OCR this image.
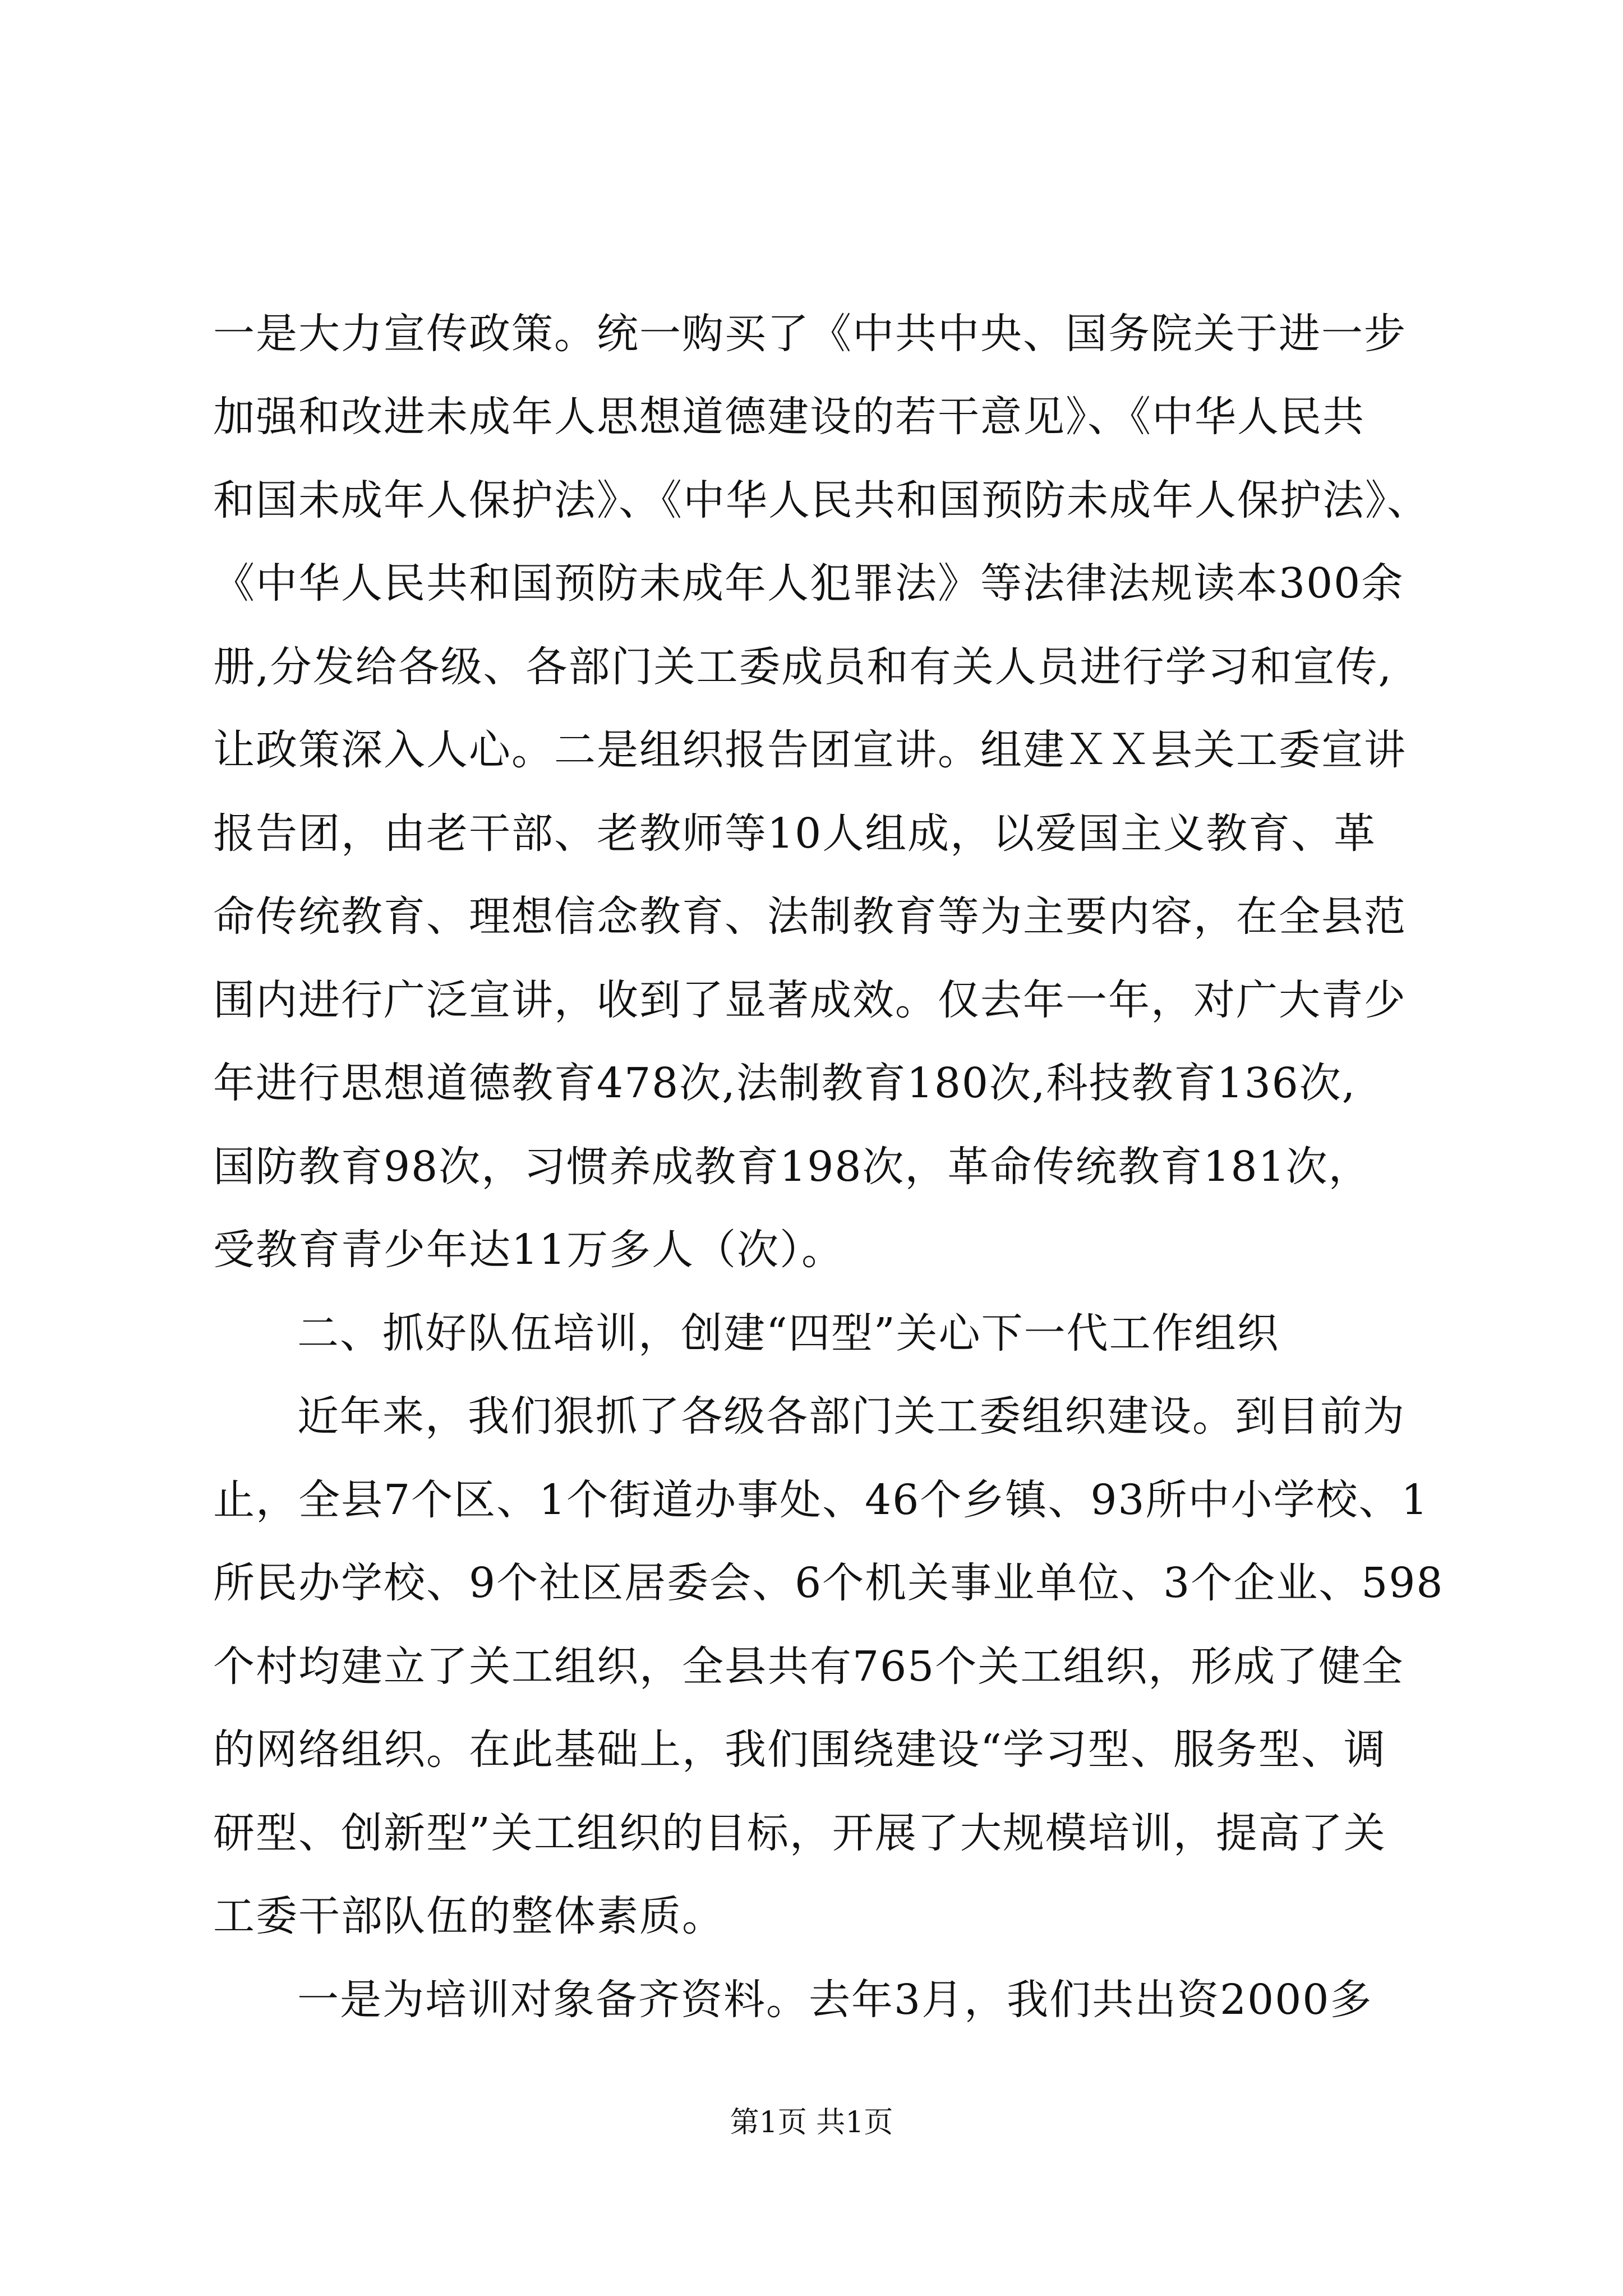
一是大力宣传政策。统一购买了《中共中央、国务院关于进一步
加强和改进未成年人思想道德建设的若干意见》、《中华人民共
和国未成年人保护法》、《中华人民共和国预防未成年人保护法》、
《中华人民共和国预防未成年人犯罪法》等法律法规读本300余
册,分发给各级、各部门关工委成员和有关人员进行学习和宣传,
让政策深入人心。二是组织报告团宣讲。组建ＸＸ县关工委宣讲
报告团，由老干部、老教师等10人组成，以爱国主义教育、革
命传统教育、理想信念教育、法制教育等为主要内容，在全县范
围内进行广泛宣讲，收到了显著成效。仅去年一年，对广大青少
年进行思想道德教育478次,法制教育180次,科技教育136次,
国防教育98次，习惯养成教育198次，革命传统教育181次，
受教育青少年达11万多人（次）。
二、抓好队伍培训，创建“四型”关心下一代工作组织
近年来，我们狠抓了各级各部门关工委组织建设。到目前为
止，全县7个区、1个街道办事处、46个乡镇、93所中小学校、1
所民办学校、9个社区居委会、6个机关事业单位、3个企业、598
个村均建立了关工组织，全县共有765个关工组织，形成了健全
的网络组织。在此基础上，我们围绕建设“学习型、服务型、调
研型、创新型”关工组织的目标，开展了大规模培训，提高了关
工委干部队伍的整体素质。
一是为培训对象备齐资料。去年3月，我们共出资2000多
第1页 共1页
